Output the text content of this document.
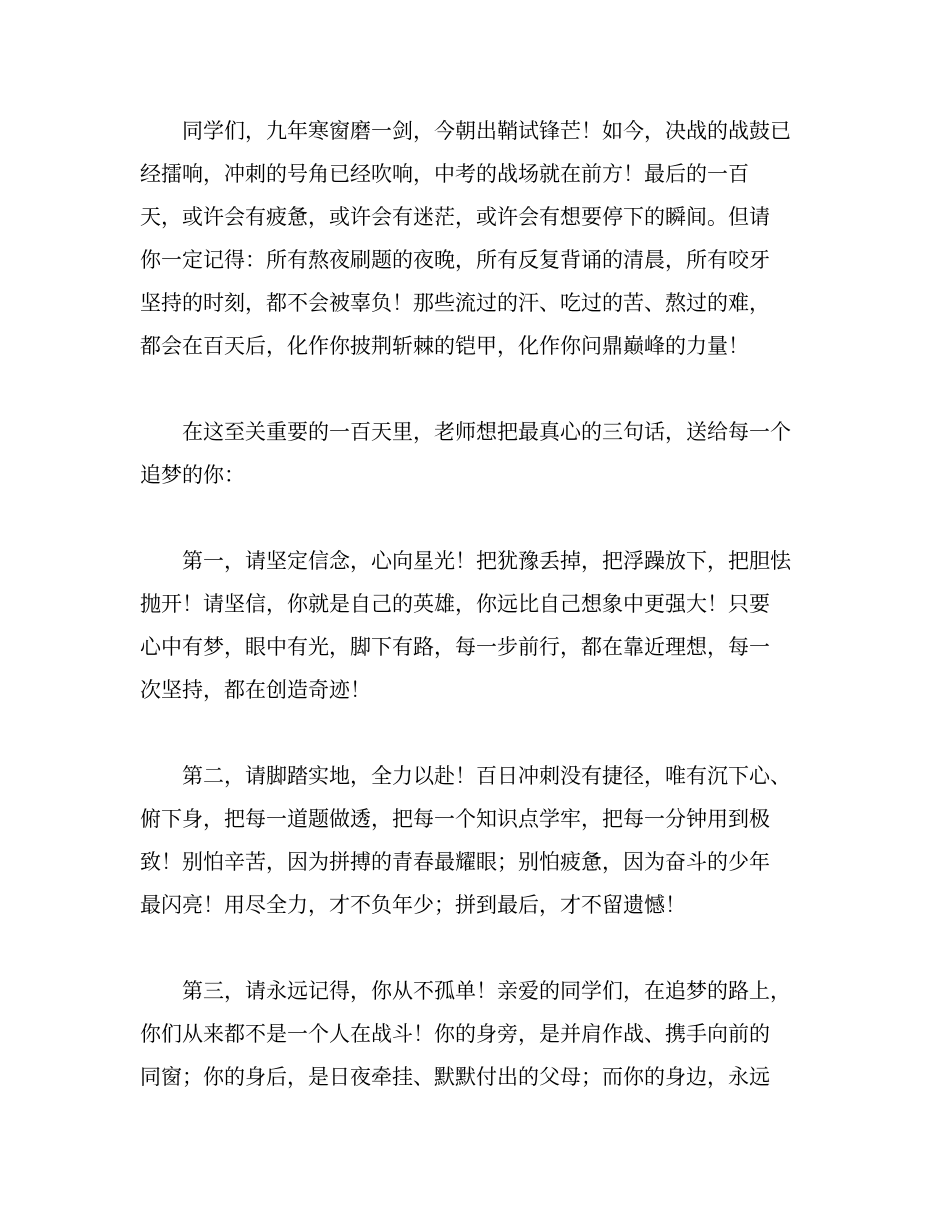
　　同学们，九年寒窗磨一剑，今朝出鞘试锋芒！如今，决战的战鼓已
经擂响，冲刺的号角已经吹响，中考的战场就在前方！最后的一百
天，或许会有疲惫，或许会有迷茫，或许会有想要停下的瞬间。但请
你一定记得：所有熬夜刷题的夜晚，所有反复背诵的清晨，所有咬牙
坚持的时刻，都不会被辜负！那些流过的汗、吃过的苦、熬过的难，
都会在百天后，化作你披荆斩棘的铠甲，化作你问鼎巅峰的力量！
　　在这至关重要的一百天里，老师想把最真心的三句话，送给每一个
追梦的你：
　　第一，请坚定信念，心向星光！把犹豫丢掉，把浮躁放下，把胆怯
抛开！请坚信，你就是自己的英雄，你远比自己想象中更强大！只要
心中有梦，眼中有光，脚下有路，每一步前行，都在靠近理想，每一
次坚持，都在创造奇迹！
　　第二，请脚踏实地，全力以赴！百日冲刺没有捷径，唯有沉下心、
俯下身，把每一道题做透，把每一个知识点学牢，把每一分钟用到极
致！别怕辛苦，因为拼搏的青春最耀眼；别怕疲惫，因为奋斗的少年
最闪亮！用尽全力，才不负年少；拼到最后，才不留遗憾！
　　第三，请永远记得，你从不孤单！亲爱的同学们，在追梦的路上，
你们从来都不是一个人在战斗！你的身旁，是并肩作战、携手向前的
同窗；你的身后，是日夜牵挂、默默付出的父母；而你的身边，永远
